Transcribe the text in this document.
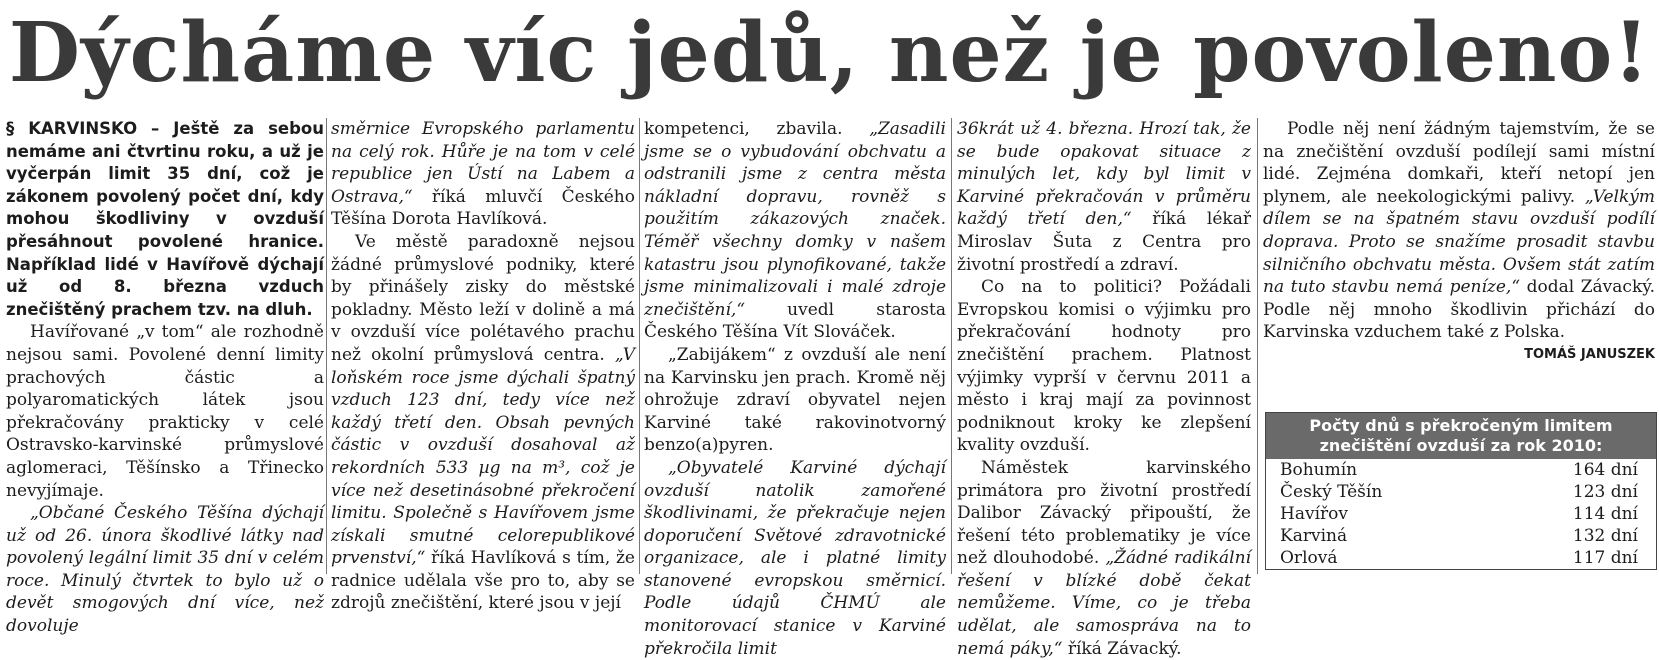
Dýcháme víc jedů, než je povoleno!

§ KARVINSKO – Ještě za sebou nemáme ani čtvrtinu roku, a už je vyčerpán limit 35 dní, což je zákonem povolený počet dní, kdy mohou škodliviny v ovzduší přesáhnout povolené hranice. Například lidé v Havířově dýchají už od 8. března vzduch znečištěný prachem tzv. na dluh.

Havířované „v tom“ ale rozhodně nejsou sami. Povolené denní limity prachových částic a polyaromatických látek jsou překračovány prakticky v celé Ostravsko-karvinské průmyslové aglomeraci, Těšínsko a Třinecko nevyjímaje.

„Občané Českého Těšína dýchají už od 26. února škodlivé látky nad povolený legální limit 35 dní v celém roce. Minulý čtvrtek to bylo už o devět smogových dní více, než dovoluje

směrnice Evropského parlamentu na celý rok. Hůře je na tom v celé republice jen Ústí na Labem a Ostrava,“ říká mluvčí Českého Těšína Dorota Havlíková.

Ve městě paradoxně nejsou žádné průmyslové podniky, které by přinášely zisky do městské pokladny. Město leží v dolině a má v ovzduší více polétavého prachu než okolní průmyslová centra. „V loňském roce jsme dýchali špatný vzduch 123 dní, tedy více než každý třetí den. Obsah pevných částic v ovzduší dosahoval až rekordních 533 µg na m³, což je více než desetinásobné překročení limitu. Společně s Havířovem jsme získali smutné celorepublikové prvenství,“ říká Havlíková s tím, že radnice udělala vše pro to, aby se zdrojů znečištění, které jsou v její

kompetenci, zbavila. „Zasadili jsme se o vybudování obchvatu a odstranili jsme z centra města nákladní dopravu, rovněž s použitím zákazových značek. Téměř všechny domky v našem katastru jsou plynofikované, takže jsme minimalizovali i malé zdroje znečištění,“ uvedl starosta Českého Těšína Vít Slováček.

„Zabijákem“ z ovzduší ale není na Karvinsku jen prach. Kromě něj ohrožuje zdraví obyvatel nejen Karviné také rakovinotvorný benzo(a)pyren.

„Obyvatelé Karviné dýchají ovzduší natolik zamořené škodlivinami, že překračuje nejen doporučení Světové zdravotnické organizace, ale i platné limity stanovené evropskou směrnicí. Podle údajů ČHMÚ ale monitorovací stanice v Karviné překročila limit

36krát už 4. března. Hrozí tak, že se bude opakovat situace z minulých let, kdy byl limit v Karviné překračován v průměru každý třetí den,“ říká lékař Miroslav Šuta z Centra pro životní prostředí a zdraví.

Co na to politici? Požádali Evropskou komisi o výjimku pro překračování hodnoty pro znečištění prachem. Platnost výjimky vyprší v červnu 2011 a město i kraj mají za povinnost podniknout kroky ke zlepšení kvality ovzduší.

Náměstek karvinského primátora pro životní prostředí Dalibor Závacký připouští, že řešení této problematiky je více než dlouhodobé. „Žádné radikální řešení v blízké době čekat nemůžeme. Víme, co je třeba udělat, ale samospráva na to nemá páky,“ říká Závacký.

Podle něj není žádným tajemstvím, že se na znečištění ovzduší podílejí sami místní lidé. Zejména domkaři, kteří netopí jen plynem, ale neekologickými palivy. „Velkým dílem se na špatném stavu ovzduší podílí doprava. Proto se snažíme prosadit stavbu silničního obchvatu města. Ovšem stát zatím na tuto stavbu nemá peníze,“ dodal Závacký. Podle něj mnoho škodlivin přichází do Karvinska vzduchem také z Polska.

TOMÁŠ JANUSZEK
Počty dnů s překročeným limitem znečištění ovzduší za rok 2010:
Bohumín	164 dní
Český Těšín	123 dní
Havířov	114 dní
Karviná	132 dní
Orlová	117 dní
